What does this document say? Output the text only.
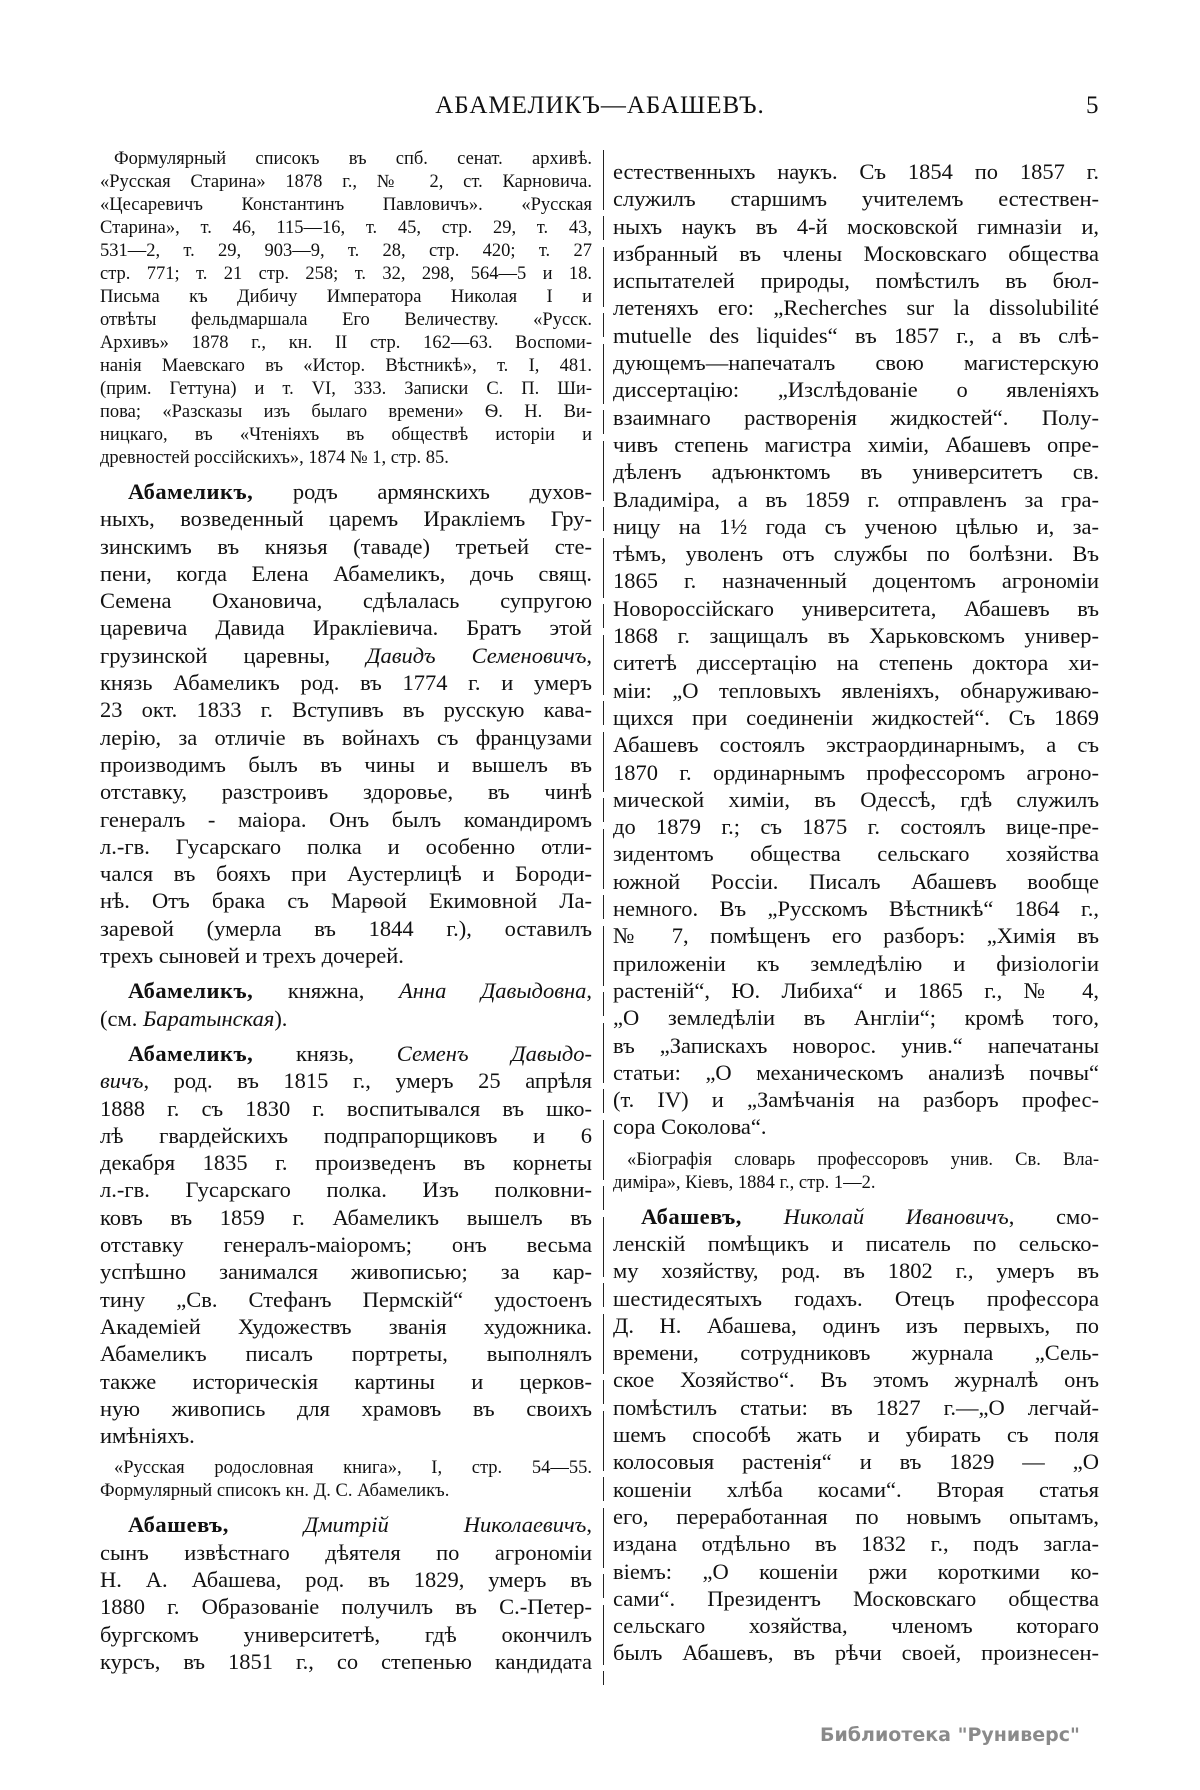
АБАМЕЛИКЪ—АБАШЕВЪ.	5
Формулярный списокъ въ спб. сенат. архивѣ.
«Русская Старина» 1878 г., № 2, ст. Карновича.
«Цесаревичъ Константинъ Павловичъ». «Русская
Старина», т. 46, 115—16, т. 45, стр. 29, т. 43,
531—2, т. 29, 903—9, т. 28, стр. 420; т. 27
стр. 771; т. 21 стр. 258; т. 32, 298, 564—5 и 18.
Письма къ Дибичу Императора Николая I и
отвѣты фельдмаршала Его Величеству. «Русск.
Архивъ» 1878 г., кн. II стр. 162—63. Воспоми-
нанія Маевскаго въ «Истор. Вѣстникѣ», т. I, 481.
(прим. Геттуна) и т. VI, 333. Записки С. П. Ши-
пова; «Разсказы изъ былаго времени» Ѳ. Н. Ви-
ницкаго, въ «Чтеніяхъ въ обществѣ исторіи и
древностей россійскихъ», 1874 № 1, стр. 85.
Абамеликъ, родъ армянскихъ духов-
ныхъ, возведенный царемъ Иракліемъ Гру-
зинскимъ въ князья (таваде) третьей сте-
пени, когда Елена Абамеликъ, дочь свящ.
Семена Охановича, сдѣлалась супругою
царевича Давида Ираклiевича. Братъ этой
грузинской царевны, Давидъ Семеновичъ,
князь Абамеликъ род. въ 1774 г. и умеръ
23 окт. 1833 г. Вступивъ въ русскую кава-
лерію, за отличіе въ войнахъ съ французами
производимъ былъ въ чины и вышелъ въ
отставку, разстроивъ здоровье, въ чинѣ
генералъ - маіора. Онъ былъ командиромъ
л.-гв. Гусарскаго полка и особенно отли-
чался въ бояхъ при Аустерлицѣ и Бороди-
нѣ. Отъ брака съ Марѳой Екимовной Ла-
заревой (умерла въ 1844 г.), оставилъ
трехъ сыновей и трехъ дочерей.
Абамеликъ, княжна, Анна Давыдовна,
(см. Баратынская).
Абамеликъ, князь, Семенъ Давыдо-
вичъ, род. въ 1815 г., умеръ 25 апрѣля
1888 г. съ 1830 г. воспитывался въ шко-
лѣ гвардейскихъ подпрапорщиковъ и 6
декабря 1835 г. произведенъ въ корнеты
л.-гв. Гусарскаго полка. Изъ полковни-
ковъ въ 1859 г. Абамеликъ вышелъ въ
отставку генералъ-маіоромъ; онъ весьма
успѣшно занимался живописью; за кар-
тину „Св. Стефанъ Пермскій“ удостоенъ
Академіей Художествъ званія художника.
Абамеликъ писалъ портреты, выполнялъ
также историческія картины и церков-
ную живопись для храмовъ въ своихъ
имѣніяхъ.
«Русская родословная книга», I, стр. 54—55.
Формулярный списокъ кн. Д. С. Абамеликъ.
Абашевъ,	Дмитрій Николаевичъ,
сынъ извѣстнаго дѣятеля по агрономіи
Н. А. Абашева, род. въ 1829, умеръ въ
1880 г. Образованіе получилъ въ С.-Петер-
бургскомъ университетѣ, гдѣ окончилъ
курсъ, въ 1851 г., со степенью кандидата
естественныхъ наукъ. Съ 1854 по 1857 г.
служилъ старшимъ учителемъ естествен-
ныхъ наукъ въ 4-й московской гимназіи и,
избранный въ члены Московскаго общества
испытателей природы, помѣстилъ въ бюл-
летеняхъ его: „Recherches sur la dissolubilité
mutuelle des liquides“ въ 1857 г., а въ слѣ-
дующемъ—напечаталъ свою магистерскую
диссертацію: „Изслѣдованіе о явленіяхъ
взаимнаго растворенія жидкостей“. Полу-
чивъ степень магистра химіи, Абашевъ опре-
дѣленъ адъюнктомъ въ университетъ св.
Владиміра, а въ 1859 г. отправленъ за гра-
ницу на 1½ года съ ученою цѣлью и, за-
тѣмъ, уволенъ отъ службы по болѣзни. Въ
1865 г. назначенный доцентомъ агрономіи
Новороссійскаго университета, Абашевъ въ
1868 г. защищалъ въ Харьковскомъ универ-
ситетѣ диссертацію на степень доктора хи-
міи: „О тепловыхъ явленіяхъ, обнаруживаю-
щихся при соединеніи жидкостей“. Съ 1869
Абашевъ состоялъ экстраординарнымъ, а съ
1870 г. ординарнымъ профессоромъ агроно-
мической химіи, въ Одессѣ, гдѣ служилъ
до 1879 г.; съ 1875 г. состоялъ вице-пре-
зидентомъ общества сельскаго хозяйства
южной Россіи. Писалъ Абашевъ вообще
немного. Въ „Русскомъ Вѣстникѣ“ 1864 г.,
№ 7, помѣщенъ его разборъ: „Химія въ
приложеніи къ земледѣлію и физіологіи
растеній“, Ю. Либиха“ и 1865 г., № 4,
„О земледѣліи въ Англіи“; кромѣ того,
въ „Запискахъ новорос. унив.“ напечатаны
статьи: „О механическомъ анализѣ почвы“
(т. IV) и „Замѣчанія на разборъ профес-
сора Соколова“.
«Біографія словарь профессоровъ унив. Св. Вла-
диміра», Кіевъ, 1884 г., стр. 1—2.
Абашевъ, Николай Ивановичъ, смо-
ленскій помѣщикъ и писатель по сельско-
му хозяйству, род. въ 1802 г., умеръ въ
шестидесятыхъ годахъ. Отецъ профессора
Д. Н. Абашева, одинъ изъ первыхъ, по
времени, сотрудниковъ журнала „Сель-
ское Хозяйство“. Въ этомъ журналѣ онъ
помѣстилъ статьи: въ 1827 г.—„О легчай-
шемъ способѣ жать и убирать съ поля
колосовыя растенія“ и въ 1829 — „О
кошеніи хлѣба косами“. Вторая статья
его, переработанная по новымъ опытамъ,
издана отдѣльно въ 1832 г., подъ загла-
віемъ: „О кошеніи ржи короткими ко-
сами“. Президентъ Московскаго общества
сельскаго хозяйства, членомъ котораго
былъ Абашевъ, въ рѣчи своей, произнесен-
Библиотека "Руниверс"
